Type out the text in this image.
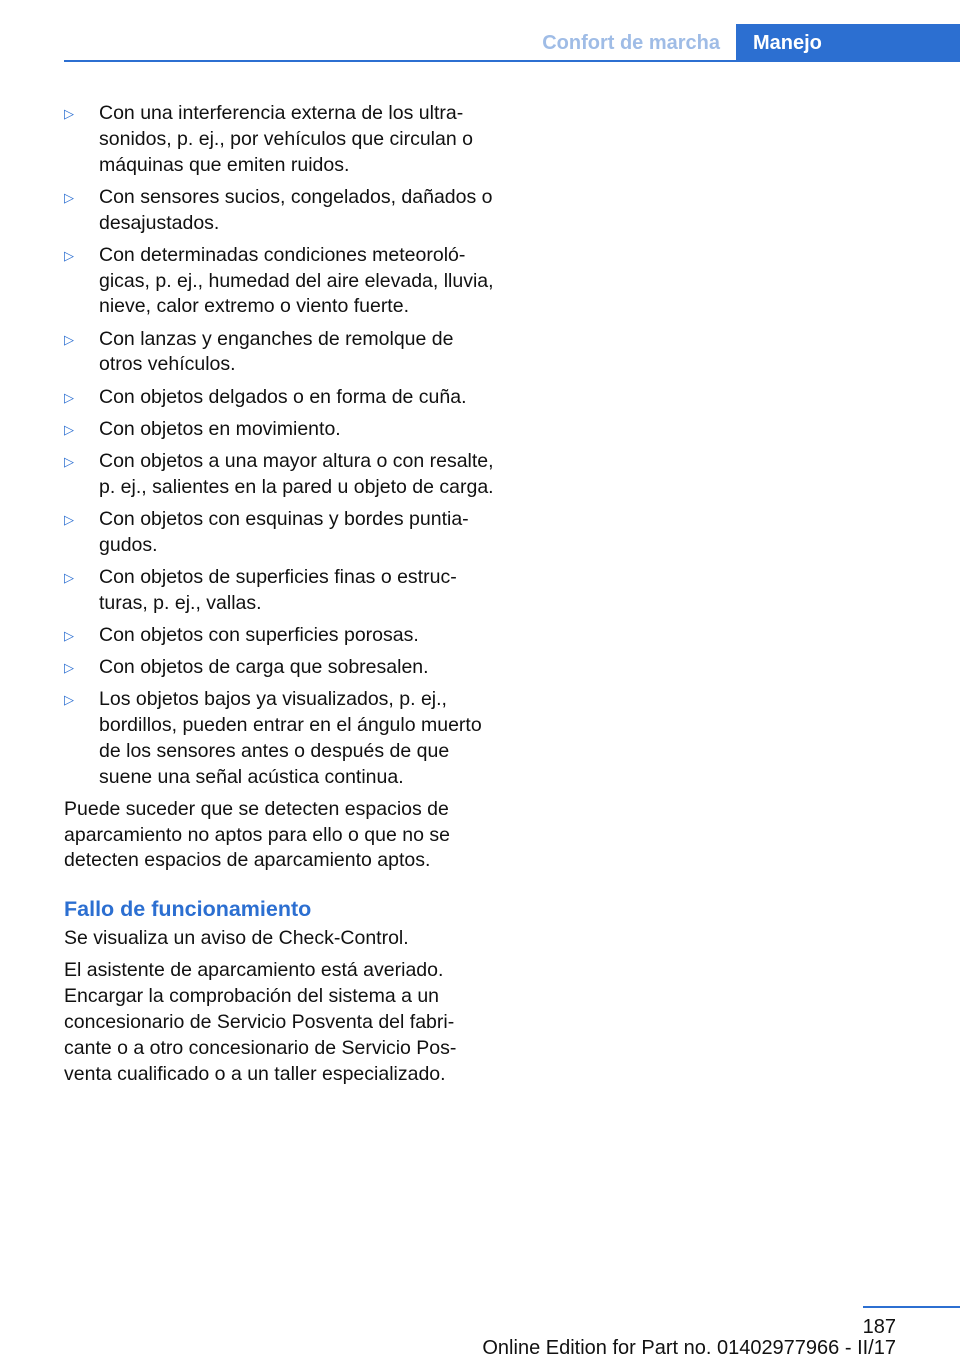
Confort de marcha	Manejo
▷	Con una interferencia externa de los ultrasonidos, p. ej., por vehículos que circulan o máquinas que emiten ruidos.
▷	Con sensores sucios, congelados, dañados o desajustados.
▷	Con determinadas condiciones meteorológicas, p. ej., humedad del aire elevada, lluvia, nieve, calor extremo o viento fuerte.
▷	Con lanzas y enganches de remolque de otros vehículos.
▷	Con objetos delgados o en forma de cuña.
▷	Con objetos en movimiento.
▷	Con objetos a una mayor altura o con resalte, p. ej., salientes en la pared u objeto de carga.
▷	Con objetos con esquinas y bordes puntiagudos.
▷	Con objetos de superficies finas o estructuras, p. ej., vallas.
▷	Con objetos con superficies porosas.
▷	Con objetos de carga que sobresalen.
▷	Los objetos bajos ya visualizados, p. ej., bordillos, pueden entrar en el ángulo muerto de los sensores antes o después de que suene una señal acústica continua.

Puede suceder que se detecten espacios de aparcamiento no aptos para ello o que no se detecten espacios de aparcamiento aptos.

Fallo de funcionamiento

Se visualiza un aviso de Check-Control.

El asistente de aparcamiento está averiado. Encargar la comprobación del sistema a un concesionario de Servicio Posventa del fabricante o a otro concesionario de Servicio Posventa cualificado o a un taller especializado.

187
Online Edition for Part no. 01402977966 - II/17
